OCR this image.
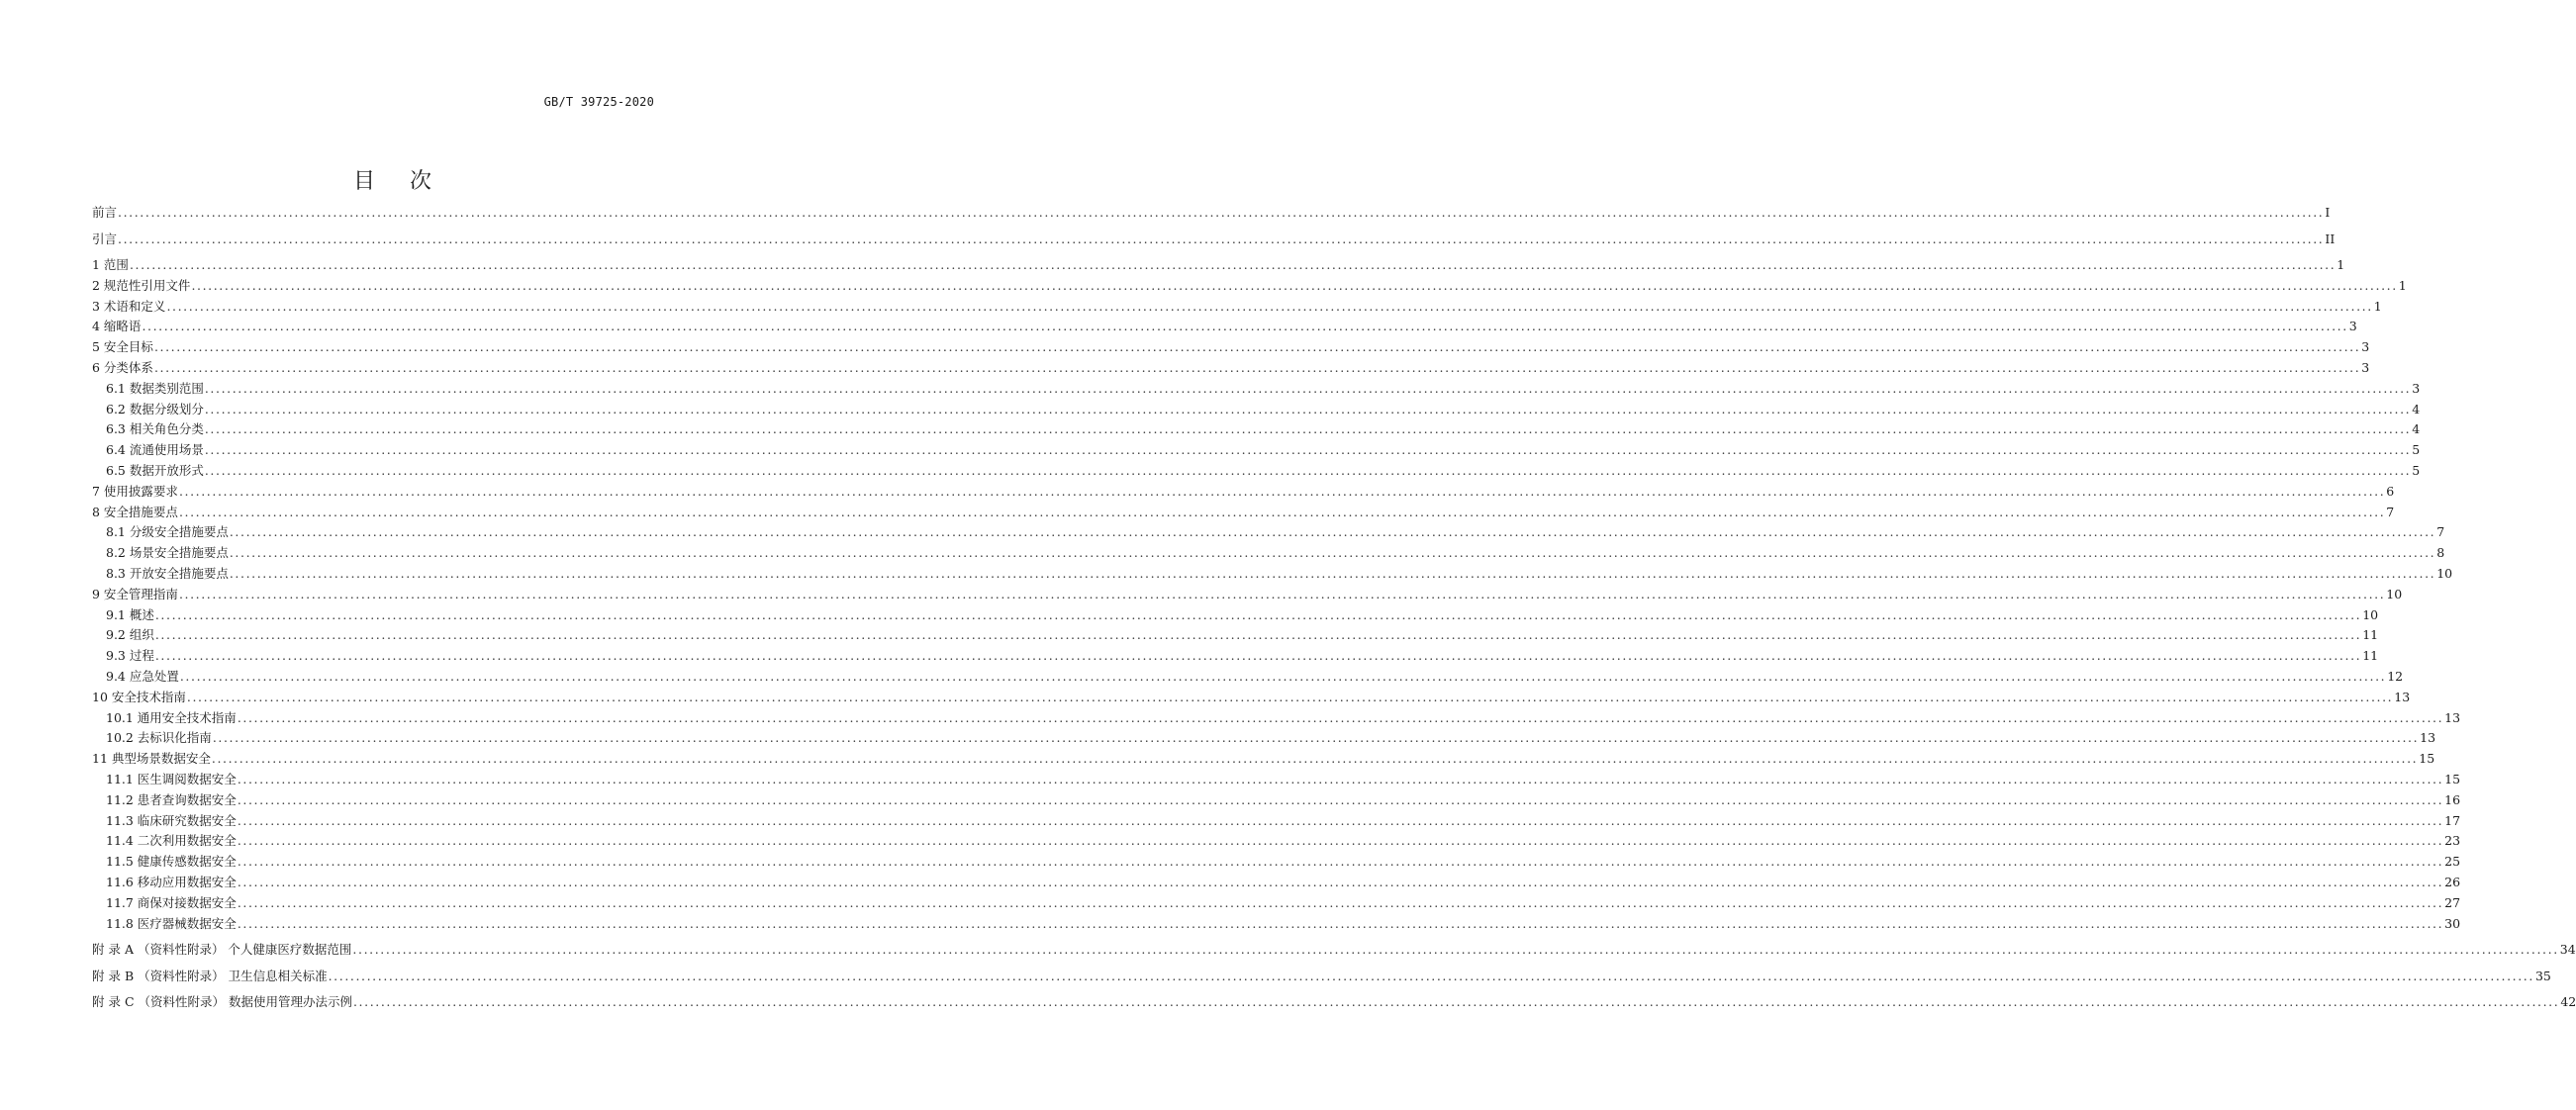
GB/T 39725-2020
目 次
前言 ................................................................................................................................................................................................................................................................................................................................................................................................................ I
引言 ................................................................................................................................................................................................................................................................................................................................................................................................................ II
1 范围 ................................................................................................................................................................................................................................................................................................................................................................................................................ 1
2 规范性引用文件 ................................................................................................................................................................................................................................................................................................................................................................................................................ 1
3 术语和定义 ................................................................................................................................................................................................................................................................................................................................................................................................................ 1
4 缩略语 ................................................................................................................................................................................................................................................................................................................................................................................................................ 3
5 安全目标 ................................................................................................................................................................................................................................................................................................................................................................................................................ 3
6 分类体系 ................................................................................................................................................................................................................................................................................................................................................................................................................ 3
6.1 数据类别范围 ................................................................................................................................................................................................................................................................................................................................................................................................................ 3
6.2 数据分级划分 ................................................................................................................................................................................................................................................................................................................................................................................................................ 4
6.3 相关角色分类 ................................................................................................................................................................................................................................................................................................................................................................................................................ 4
6.4 流通使用场景 ................................................................................................................................................................................................................................................................................................................................................................................................................ 5
6.5 数据开放形式 ................................................................................................................................................................................................................................................................................................................................................................................................................ 5
7 使用披露要求 ................................................................................................................................................................................................................................................................................................................................................................................................................ 6
8 安全措施要点 ................................................................................................................................................................................................................................................................................................................................................................................................................ 7
8.1 分级安全措施要点 ................................................................................................................................................................................................................................................................................................................................................................................................................ 7
8.2 场景安全措施要点 ................................................................................................................................................................................................................................................................................................................................................................................................................ 8
8.3 开放安全措施要点 ................................................................................................................................................................................................................................................................................................................................................................................................................ 10
9 安全管理指南 ................................................................................................................................................................................................................................................................................................................................................................................................................ 10
9.1 概述 ................................................................................................................................................................................................................................................................................................................................................................................................................ 10
9.2 组织 ................................................................................................................................................................................................................................................................................................................................................................................................................ 11
9.3 过程 ................................................................................................................................................................................................................................................................................................................................................................................................................ 11
9.4 应急处置 ................................................................................................................................................................................................................................................................................................................................................................................................................ 12
10 安全技术指南 ................................................................................................................................................................................................................................................................................................................................................................................................................ 13
10.1 通用安全技术指南 ................................................................................................................................................................................................................................................................................................................................................................................................................ 13
10.2 去标识化指南 ................................................................................................................................................................................................................................................................................................................................................................................................................ 13
11 典型场景数据安全 ................................................................................................................................................................................................................................................................................................................................................................................................................ 15
11.1 医生调阅数据安全 ................................................................................................................................................................................................................................................................................................................................................................................................................ 15
11.2 患者查询数据安全 ................................................................................................................................................................................................................................................................................................................................................................................................................ 16
11.3 临床研究数据安全 ................................................................................................................................................................................................................................................................................................................................................................................................................ 17
11.4 二次利用数据安全 ................................................................................................................................................................................................................................................................................................................................................................................................................ 23
11.5 健康传感数据安全 ................................................................................................................................................................................................................................................................................................................................................................................................................ 25
11.6 移动应用数据安全 ................................................................................................................................................................................................................................................................................................................................................................................................................ 26
11.7 商保对接数据安全 ................................................................................................................................................................................................................................................................................................................................................................................................................ 27
11.8 医疗器械数据安全 ................................................................................................................................................................................................................................................................................................................................................................................................................ 30
附 录 A （资料性附录） 个人健康医疗数据范围 ................................................................................................................................................................................................................................................................................................................................................................................................................ 34
附 录 B （资料性附录） 卫生信息相关标准 ................................................................................................................................................................................................................................................................................................................................................................................................................ 35
附 录 C （资料性附录） 数据使用管理办法示例 ................................................................................................................................................................................................................................................................................................................................................................................................................ 42
